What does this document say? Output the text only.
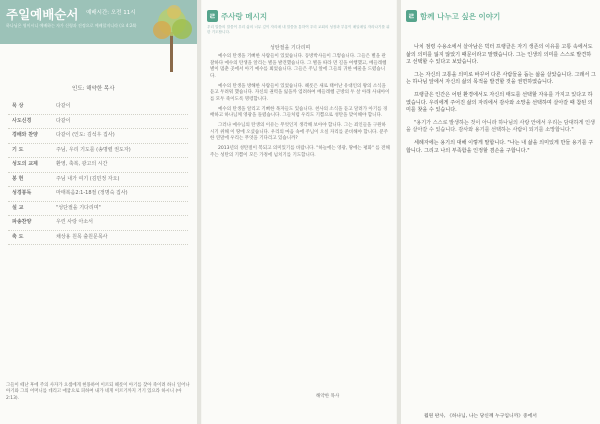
주일예배순서 예배시간: 오전 11시
하나님은 영이시니 예배하는 자가 신령과 진정으로 예배할지니라 (요 4:24)
인도: 해약한 목사
묵 상	다같이
사도신경	다같이
경배와 찬양	다같이 (인도: 김석우 집사)
기 도	주님, 우리 기도를 (송명렬 권도자)
성도의 교제	환영, 축복, 광고의 시간
봉 헌	주님 내가 여기 (김민정 자오)
성경봉독	마태복음2:1-18절 (정명숙 집사)
설 교	"성단절을 기다리며"
파송찬양	우린 사랑 아소서
축 도	채상용 원목 출원문목사
그들이 떼난 후에 주의 사자가 요셉에게 현몽하여 이르되 헤롯이 아기를 찾아 죽이려 하니 일어나 아기와 그의 어머니를 데리고 애굽으로 피하여 내가 네게 이르기까지 거기 있으라 하시니 (마2:13).
ㄹ 주사랑 메시지
우리 말씀의 말씀이 우리 삶의 너무 깊이 자리매 내 말씀을 통하여 우리 교회의 성장과 부흥이 매일매일 자라나기를 위한 기도합니다.
성탄절을 기다리며

예수의 탄생을 기뻐한 사람들이 있었습니다. 동방박사들이 그렇습니다. 그들은 별을 관찰하다 예수의 탄생을 알리는 별을 발견했습니다. 그 별을 따라 먼 길을 여행했고, 베들레헴 별이 멈춘 곳에서 아기 예수를 뵈었습니다. 그들은 주님 앞에 그들의 귀한 예물을 드렸습니다.

예수의 탄생을 방해한 사람들이 있었습니다. 헤롯은 새로 태어난 유대인의 왕의 소식을 듣고 두려워 했습니다. 자신의 권력을 잃을까 염려하여 베들레헴 근방의 두 살 아래 사내아이를 모두 죽이도록 명령합니다.

예수의 탄생을 알리고 기뻐한 목자들도 있습니다. 천사의 소식을 듣고 달려가 아기를 경배하고 하나님께 영광을 돌렸습니다. 그들처럼 우리도 기쁨으로 성탄을 맞이해야 합니다.

그러나 예수님의 탄생의 이유는 무엇인지 생각해 보아야 합니다. 그는 죄인들을 구원하시기 위해 이 땅에 오셨습니다. 우리의 마음 속에 주님이 오실 자리를 준비해야 합니다. 분주한 연말에 우리는 무엇을 기다리고 있습니까?

2013년의 성탄절이 복되고 의미있기를 바랍니다. "하늘에는 영광, 땅에는 평화" 를 전해 주는 성탄의 기쁨이 모든 가정에 넘치기를 기도합니다.

해약한 목사
ㄹ 함께 나누고 싶은 이야기

나치 점령 수용소에서 살아남은 빅터 프랭클은 자기 생존의 이유를 고통 속에서도 삶의 의미를 잃지 않았기 때문이라고 말했습니다. 그는 인생의 의미를 스스로 발견하고 선택할 수 있다고 보았습니다.

그는 자신의 고통을 의미로 바꾸어 다른 사람들을 돕는 삶을 살았습니다. 그래서 그는 하나님 앞에서 자신의 삶의 목적을 발견할 것을 권면하였습니다.

프랭클은 인간은 어떤 환경에서도 자신의 태도를 선택할 자유를 가지고 있다고 하였습니다. 우리에게 주어진 삶의 자리에서 감사와 소망을 선택하며 살아갈 때 참된 의미를 찾을 수 있습니다.

"용기가 스스로 발생하는 것이 아니라 하나님의 사랑 안에서 우리는 담대하게 인생을 살아갈 수 있습니다. 감사와 용기를 선택하는 사람이 되기를 소망합니다."

세례자에는 용기의 대해 이렇게 말합니다. "나는 내 삶을 의미있게 만들 용기를 구합니다. 그리고 나의 부족함을 인정할 겸손을 구합니다."

월원 판사, 《하나님, 나는 당신께 누구입니까》중에서
